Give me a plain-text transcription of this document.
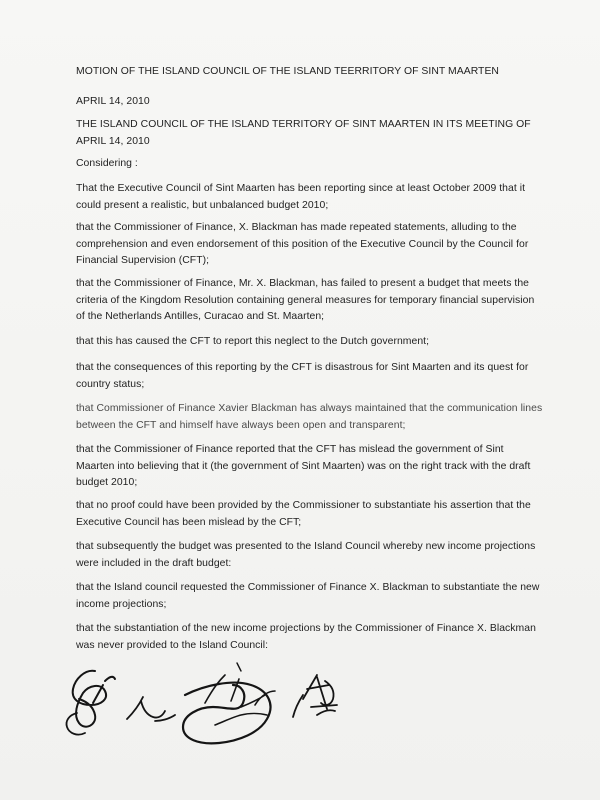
MOTION OF THE ISLAND COUNCIL OF THE ISLAND TEERRITORY OF SINT MAARTEN

APRIL 14, 2010

THE ISLAND COUNCIL OF THE ISLAND TERRITORY OF SINT MAARTEN IN ITS MEETING OF APRIL 14, 2010

Considering :

That the Executive Council of Sint Maarten has been reporting since at least October 2009 that it could present a realistic, but unbalanced budget 2010;

that the Commissioner of Finance, X. Blackman has made repeated statements, alluding to the comprehension and even endorsement of this position of the Executive Council by the Council for Financial Supervision (CFT);

that the Commissioner of Finance, Mr. X. Blackman, has failed to present a budget that meets the criteria of the Kingdom Resolution containing general measures for temporary financial supervision of the Netherlands Antilles, Curacao and St. Maarten;

that this has caused the CFT to report this neglect to the Dutch government;

that the consequences of this reporting by the CFT is disastrous for Sint Maarten and its quest for country status;

that Commissioner of Finance Xavier Blackman has always maintained that the communication lines between the CFT and himself have always been open and transparent;

that the Commissioner of Finance reported that the CFT has mislead the government of Sint Maarten into believing that it (the government of Sint Maarten) was on the right track with the draft budget 2010;

that no proof could have been provided by the Commissioner to substantiate his assertion that the Executive Council has been mislead by the CFT;

that subsequently the budget was presented to the Island Council whereby new income projections were included in the draft budget:

that the Island council requested the Commissioner of Finance X. Blackman to substantiate the new income projections;

that the substantiation of the new income projections by the Commissioner of Finance X. Blackman was never provided to the Island Council:
